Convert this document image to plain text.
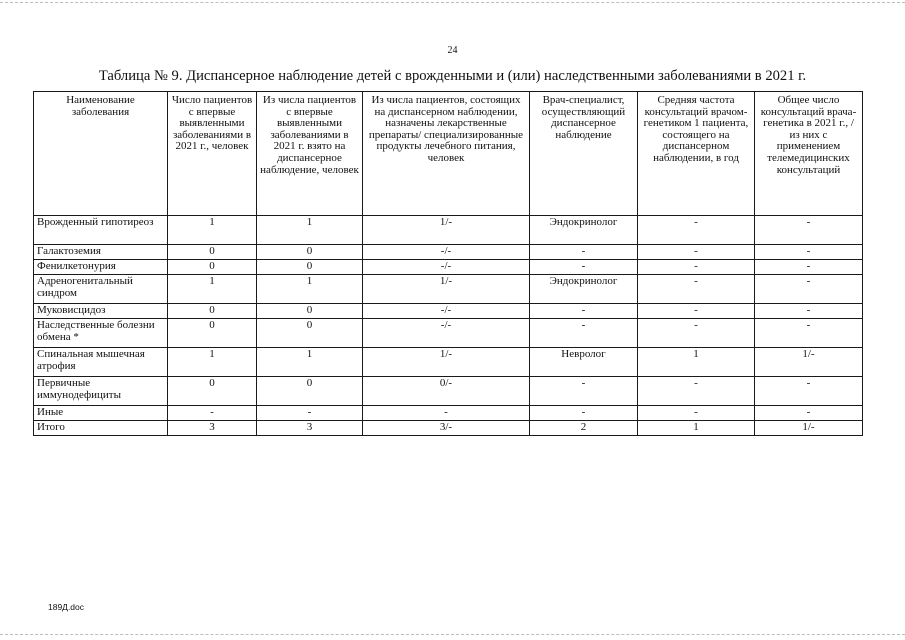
24
Таблица № 9. Диспансерное наблюдение детей с врожденными и (или) наследственными заболеваниями в 2021 г.
Наименование заболевания	Число пациентов с впервые выявленными заболеваниями в 2021 г., человек	Из числа пациентов с впервые выявленными заболеваниями в 2021 г. взято на диспансерное наблюдение, человек	Из числа пациентов, состоящих на диспансерном наблюдении, назначены лекарственные препараты/ специализированные продукты лечебного питания, человек	Врач-специалист, осуществляющий диспансерное наблюдение	Средняя частота консультаций врачом-генетиком 1 пациента, состоящего на диспансерном наблюдении, в год	Общее число консультаций врача-генетика в 2021 г., / из них с применением телемедицинских консультаций
Врожденный гипотиреоз	1	1	1/-	Эндокринолог	-	-
Галактоземия	0	0	-/-	-	-	-
Фенилкетонурия	0	0	-/-	-	-	-
Адреногенитальный синдром	1	1	1/-	Эндокринолог	-	-
Муковисцидоз	0	0	-/-	-	-	-
Наследственные болезни обмена *	0	0	-/-	-	-	-
Спинальная мышечная атрофия	1	1	1/-	Невролог	1	1/-
Первичные иммунодефициты	0	0	0/-	-	-	-
Иные	-	-	-	-	-	-
Итого	3	3	3/-	2	1	1/-
189Д.doc
